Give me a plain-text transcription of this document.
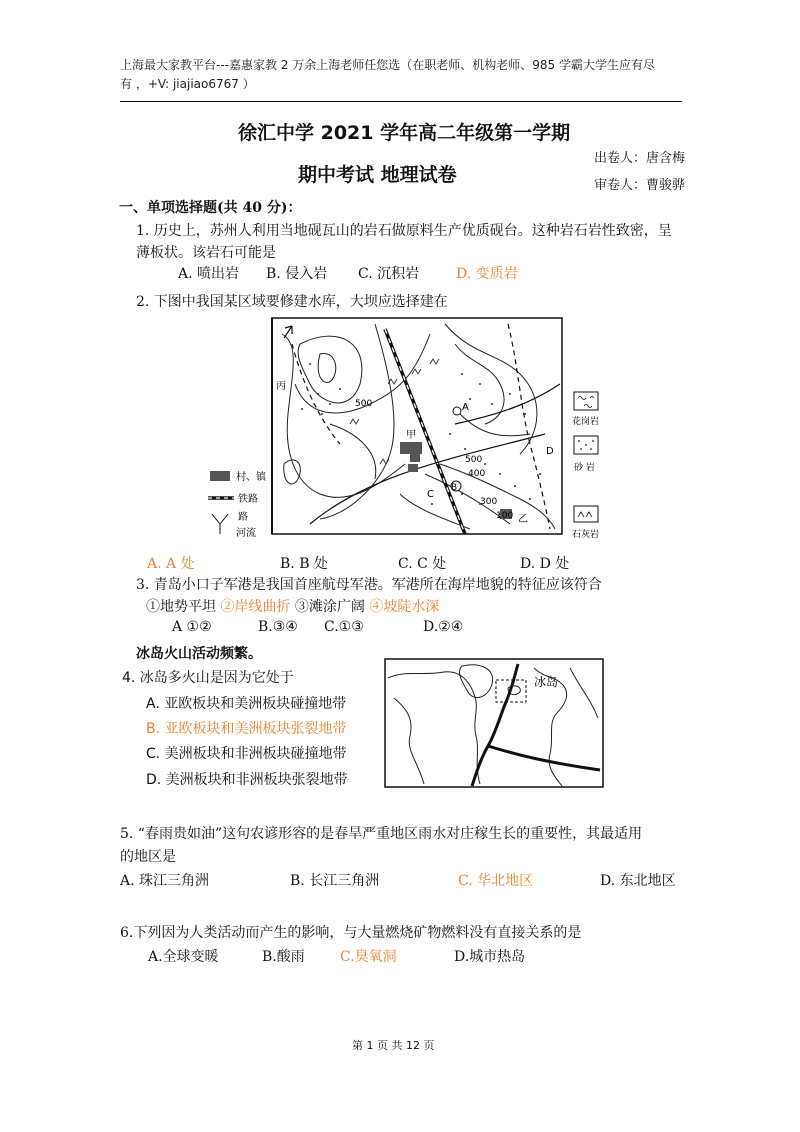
上海最大家教平台---嘉惠家教 2 万余上海老师任您选（在职老师、机构老师、985 学霸大学生应有尽
有 ，+V: jiajiao6767 ）
徐汇中学 2021 学年高二年级第一学期
期中考试 地理试卷
出卷人：唐含梅
审卷人：曹骏骅
一、单项选择题(共 40 分)：
1. 历史上，苏州人利用当地砚瓦山的岩石做原料生产优质砚台。这种岩石岩性致密，呈
薄板状。该岩石可能是
A. 喷出岩 B. 侵入岩 C. 沉积岩	D. 变质岩
2. 下图中我国某区域要修建水库，大坝应选择建在
甲
乙
丙
A
B
C
D
500
500
400
300
100
村、镇
铁路
路
河流
花岗岩
砂 岩
石灰岩
A. A 处	B. B 处	C. C 处	D. D 处
3. 青岛小口子军港是我国首座航母军港。军港所在海岸地貌的特征应该符合
①地势平坦 ②岸线曲折 ③滩涂广阔 ④坡陡水深
A ①②	B.③④ C.①③	D.②④
冰岛火山活动频繁。
4. 冰岛多火山是因为它处于
A. 亚欧板块和美洲板块碰撞地带
B. 亚欧板块和美洲板块张裂地带
C. 美洲板块和非洲板块碰撞地带
D. 美洲板块和非洲板块张裂地带
冰岛
5. “春雨贵如油”这句农谚形容的是春旱严重地区雨水对庄稼生长的重要性，其最适用
的地区是
A. 珠江三角洲	B. 长江三角洲	C. 华北地区	D. 东北地区
6.下列因为人类活动而产生的影响，与大量燃烧矿物燃料没有直接关系的是
A.全球变暖	B.酸雨	C.臭氧洞	D.城市热岛
第 1 页 共 12 页
